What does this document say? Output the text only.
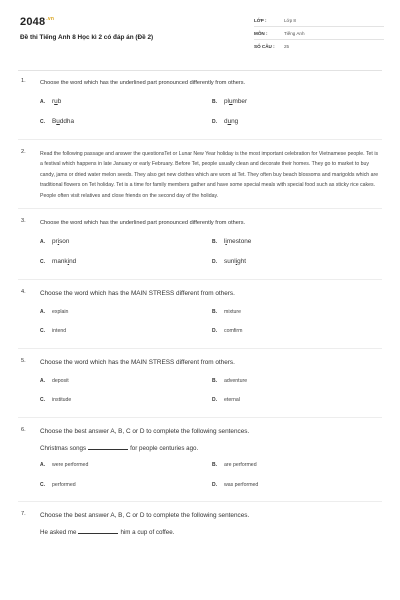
$2048^{.vn}$
Đề thi Tiếng Anh 8 Học kì 2 có đáp án (Đề 2)
LỚP :	Lớp 8
MÔN :	Tiếng Anh
SỐ CÂU : 25
1.	Choose the word which has the underlined part pronounced differently from others.
A. rub	B. plumber
C. Buddha	D. dung
2.	Read the following passage and answer the questionsTet or Lunar New Year holiday is the most important celebration for Vietnamese people. Tet is a festival which happens in late January or early February. Before Tet, people usually clean and decorate their homes. They go to market to buy candy, jams or dried water melon seeds. They also get new clothes which are worn at Tet. They often buy beach blossoms and marigolds which are traditional flowers on Tet holiday. Tet is a time for family members gather and have some special meals with special food such as sticky rice cakes. People often visit relatives and close friends on the second day of the holiday.
3.	Choose the word which has the underlined part pronounced differently from others.
A. prison	B. limestone
C. mankind	D. sunlight
4. Choose the word which has the MAIN STRESS different from others.
A. explain	B. mixture
C. intend	D. comfirm
5. Choose the word which has the MAIN STRESS different from others.
A. deposit	B. adventure
C. institude	D. eternal
6. Choose the best answer A, B, C or D to complete the following sentences.
Christmas songs	for people centuries ago.
A. were performed	B. are performed
C. performed	D. was performed
7. Choose the best answer A, B, C or D to complete the following sentences.
He asked me	him a cup of coffee.
